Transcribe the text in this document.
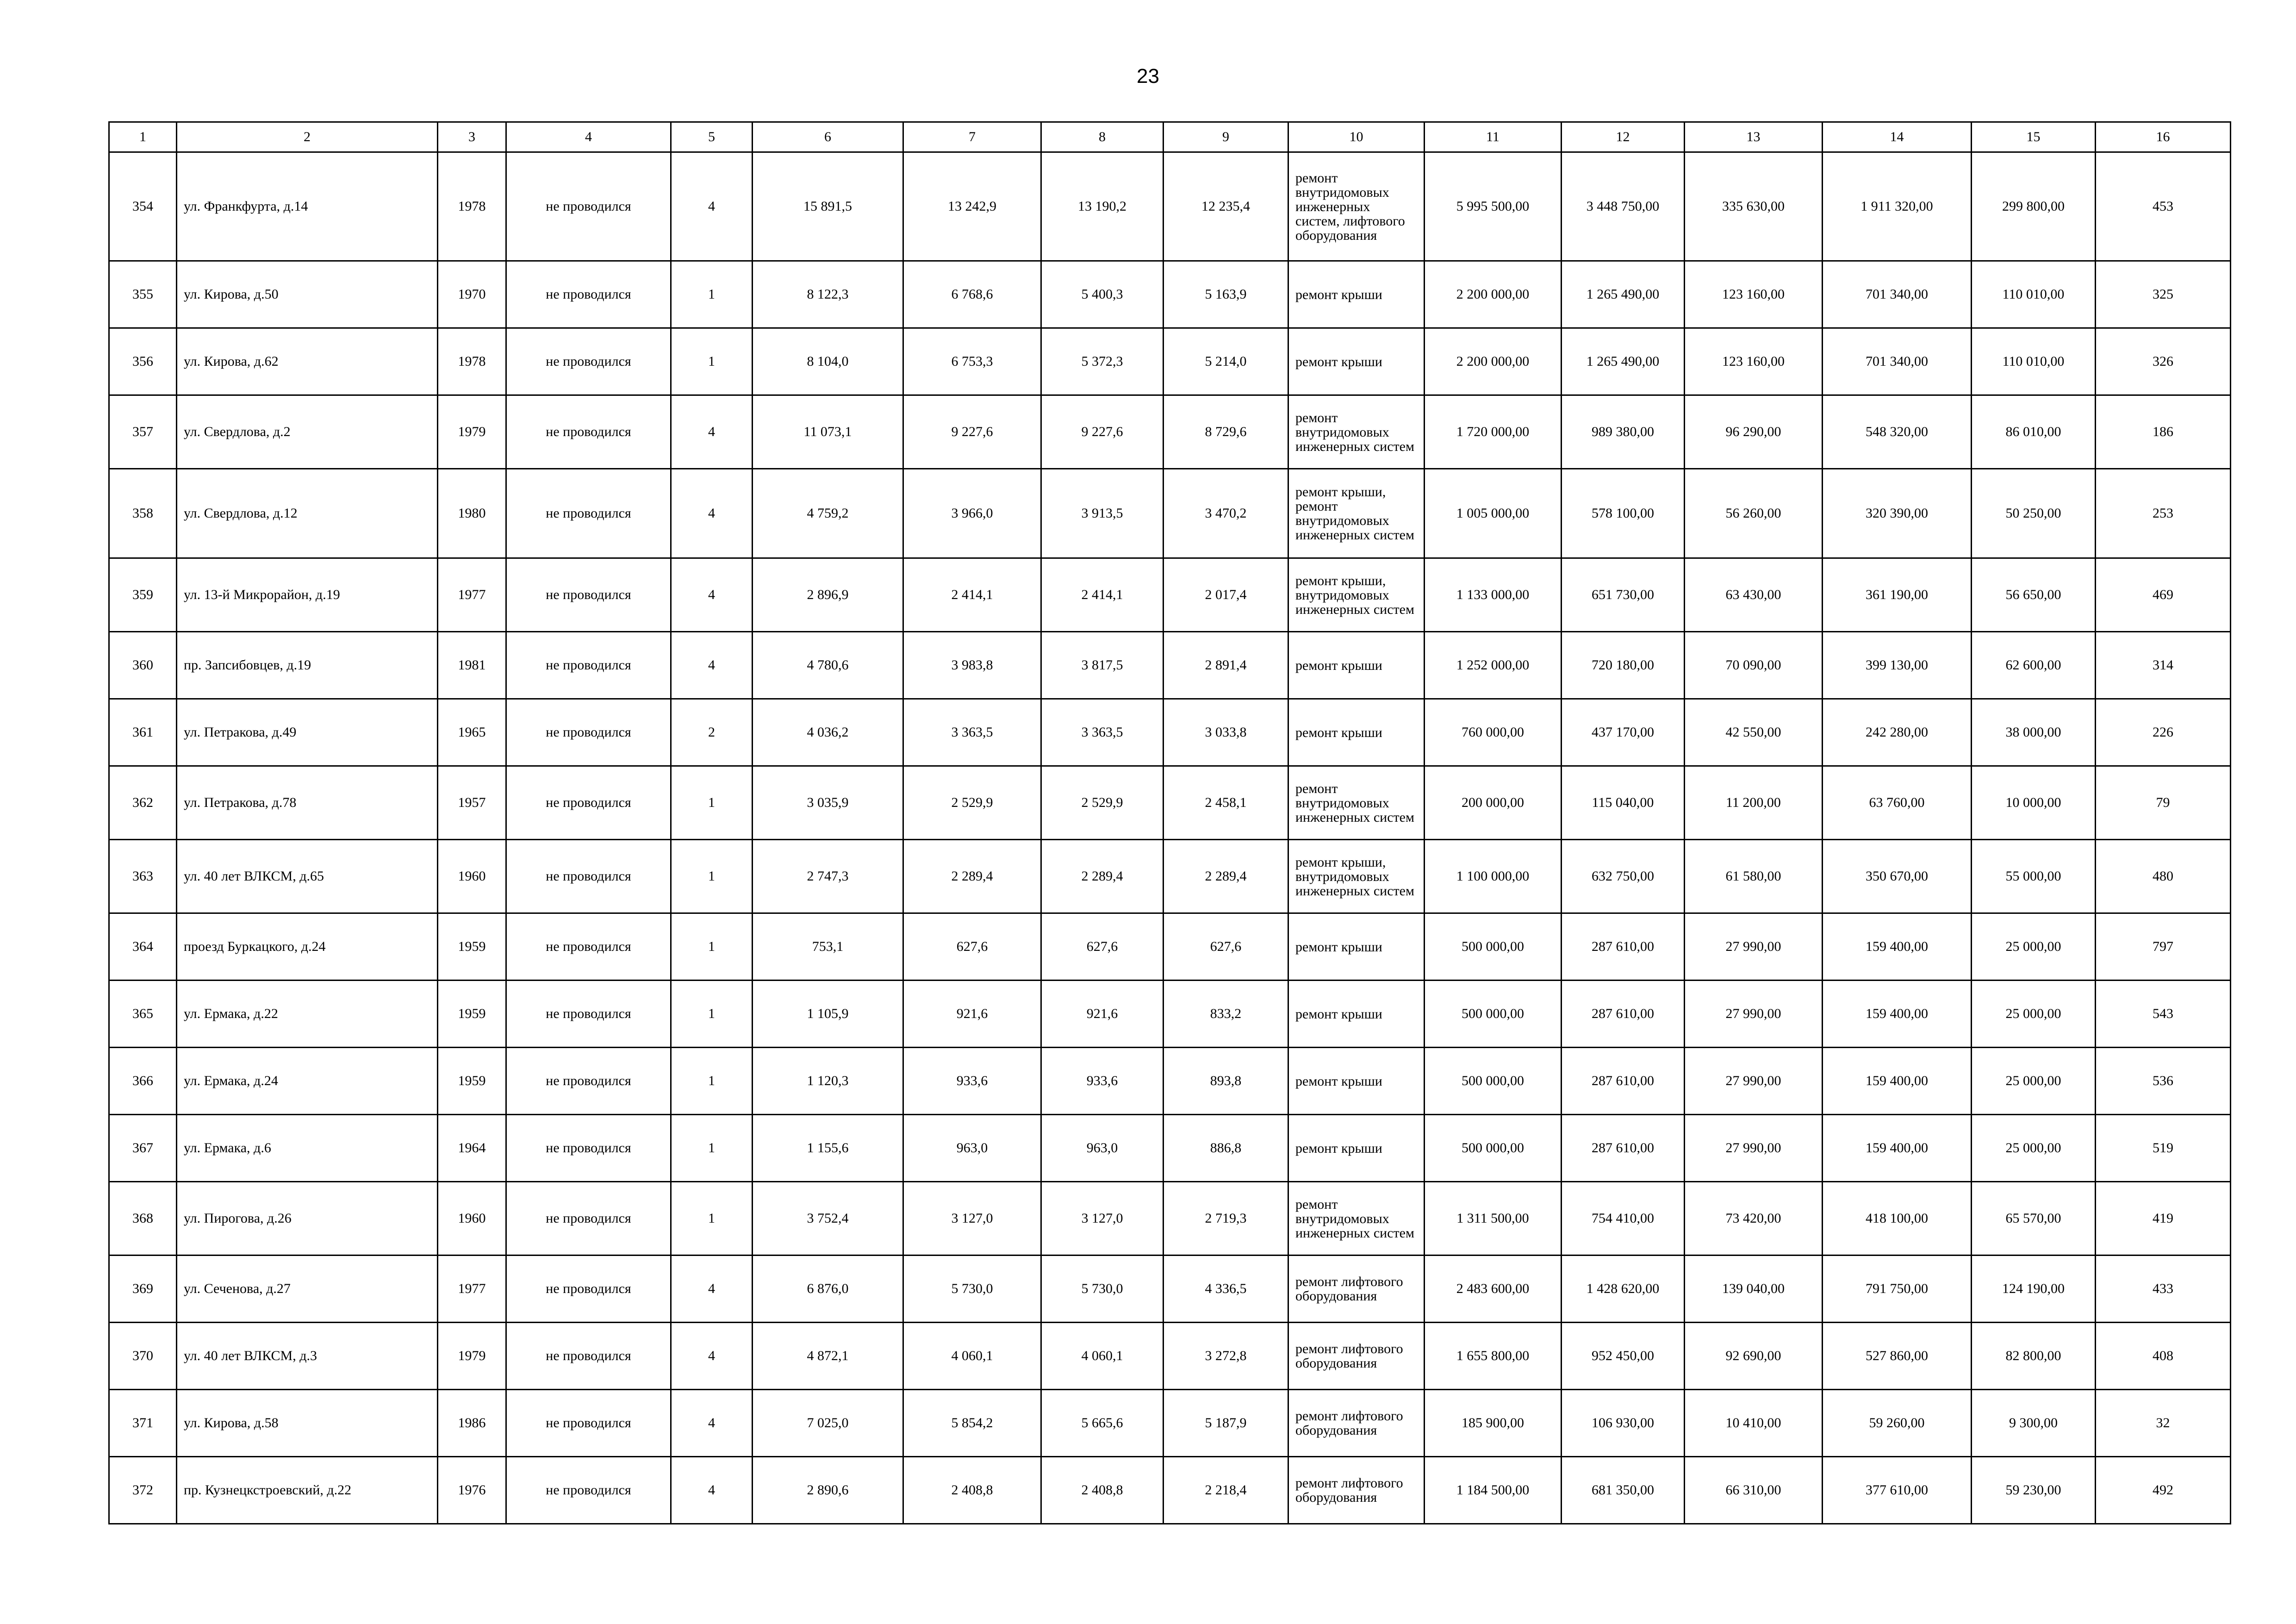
23
1	2	3	4	5	6	7	8	9	10	11	12	13	14	15	16
354	ул. Франкфурта, д.14	1978	не проводился	4	15 891,5	13 242,9	13 190,2	12 235,4	ремонт внутридомовых инженерных систем, лифтового оборудования	5 995 500,00	3 448 750,00	335 630,00	1 911 320,00	299 800,00	453
355	ул. Кирова, д.50	1970	не проводился	1	8 122,3	6 768,6	5 400,3	5 163,9	ремонт крыши	2 200 000,00	1 265 490,00	123 160,00	701 340,00	110 010,00	325
356	ул. Кирова, д.62	1978	не проводился	1	8 104,0	6 753,3	5 372,3	5 214,0	ремонт крыши	2 200 000,00	1 265 490,00	123 160,00	701 340,00	110 010,00	326
357	ул. Свердлова, д.2	1979	не проводился	4	11 073,1	9 227,6	9 227,6	8 729,6	ремонт внутридомовых инженерных систем	1 720 000,00	989 380,00	96 290,00	548 320,00	86 010,00	186
358	ул. Свердлова, д.12	1980	не проводился	4	4 759,2	3 966,0	3 913,5	3 470,2	ремонт крыши, ремонт внутридомовых инженерных систем	1 005 000,00	578 100,00	56 260,00	320 390,00	50 250,00	253
359	ул. 13-й Микрорайон, д.19	1977	не проводился	4	2 896,9	2 414,1	2 414,1	2 017,4	ремонт крыши, внутридомовых инженерных систем	1 133 000,00	651 730,00	63 430,00	361 190,00	56 650,00	469
360	пр. Запсибовцев, д.19	1981	не проводился	4	4 780,6	3 983,8	3 817,5	2 891,4	ремонт крыши	1 252 000,00	720 180,00	70 090,00	399 130,00	62 600,00	314
361	ул. Петракова, д.49	1965	не проводился	2	4 036,2	3 363,5	3 363,5	3 033,8	ремонт крыши	760 000,00	437 170,00	42 550,00	242 280,00	38 000,00	226
362	ул. Петракова, д.78	1957	не проводился	1	3 035,9	2 529,9	2 529,9	2 458,1	ремонт внутридомовых инженерных систем	200 000,00	115 040,00	11 200,00	63 760,00	10 000,00	79
363	ул. 40 лет ВЛКСМ, д.65	1960	не проводился	1	2 747,3	2 289,4	2 289,4	2 289,4	ремонт крыши, внутридомовых инженерных систем	1 100 000,00	632 750,00	61 580,00	350 670,00	55 000,00	480
364	проезд Буркацкого, д.24	1959	не проводился	1	753,1	627,6	627,6	627,6	ремонт крыши	500 000,00	287 610,00	27 990,00	159 400,00	25 000,00	797
365	ул. Ермака, д.22	1959	не проводился	1	1 105,9	921,6	921,6	833,2	ремонт крыши	500 000,00	287 610,00	27 990,00	159 400,00	25 000,00	543
366	ул. Ермака, д.24	1959	не проводился	1	1 120,3	933,6	933,6	893,8	ремонт крыши	500 000,00	287 610,00	27 990,00	159 400,00	25 000,00	536
367	ул. Ермака, д.6	1964	не проводился	1	1 155,6	963,0	963,0	886,8	ремонт крыши	500 000,00	287 610,00	27 990,00	159 400,00	25 000,00	519
368	ул. Пирогова, д.26	1960	не проводился	1	3 752,4	3 127,0	3 127,0	2 719,3	ремонт внутридомовых инженерных систем	1 311 500,00	754 410,00	73 420,00	418 100,00	65 570,00	419
369	ул. Сеченова, д.27	1977	не проводился	4	6 876,0	5 730,0	5 730,0	4 336,5	ремонт лифтового оборудования	2 483 600,00	1 428 620,00	139 040,00	791 750,00	124 190,00	433
370	ул. 40 лет ВЛКСМ, д.3	1979	не проводился	4	4 872,1	4 060,1	4 060,1	3 272,8	ремонт лифтового оборудования	1 655 800,00	952 450,00	92 690,00	527 860,00	82 800,00	408
371	ул. Кирова, д.58	1986	не проводился	4	7 025,0	5 854,2	5 665,6	5 187,9	ремонт лифтового оборудования	185 900,00	106 930,00	10 410,00	59 260,00	9 300,00	32
372	пр. Кузнецкстроевский, д.22	1976	не проводился	4	2 890,6	2 408,8	2 408,8	2 218,4	ремонт лифтового оборудования	1 184 500,00	681 350,00	66 310,00	377 610,00	59 230,00	492
